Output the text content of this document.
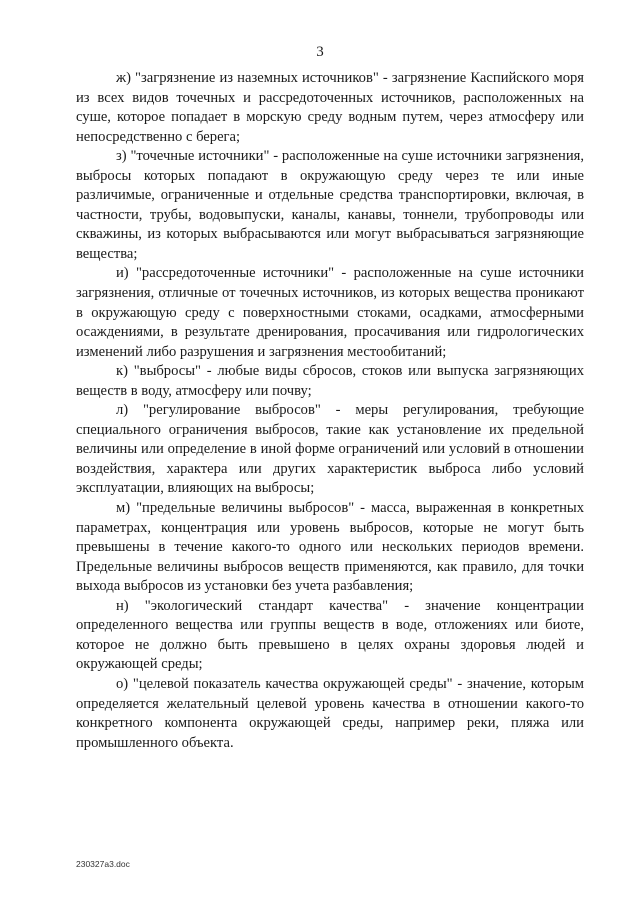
3

ж) "загрязнение из наземных источников" - загрязнение Каспийского моря из всех видов точечных и рассредоточенных источников, расположенных на суше, которое попадает в морскую среду водным путем, через атмосферу или непосредственно с берега;

з) "точечные источники" - расположенные на суше источники загрязнения, выбросы которых попадают в окружающую среду через те или иные различимые, ограниченные и отдельные средства транспортировки, включая, в частности, трубы, водовыпуски, каналы, канавы, тоннели, трубопроводы или скважины, из которых выбрасываются или могут выбрасываться загрязняющие вещества;

и) "рассредоточенные источники" - расположенные на суше источники загрязнения, отличные от точечных источников, из которых вещества проникают в окружающую среду с поверхностными стоками, осадками, атмосферными осаждениями, в результате дренирования, просачивания или гидрологических изменений либо разрушения и загрязнения местообитаний;

к) "выбросы" - любые виды сбросов, стоков или выпуска загрязняющих веществ в воду, атмосферу или почву;

л) "регулирование выбросов" - меры регулирования, требующие специального ограничения выбросов, такие как установление их предельной величины или определение в иной форме ограничений или условий в отношении воздействия, характера или других характеристик выброса либо условий эксплуатации, влияющих на выбросы;

м) "предельные величины выбросов" - масса, выраженная в конкретных параметрах, концентрация или уровень выбросов, которые не могут быть превышены в течение какого-то одного или нескольких периодов времени. Предельные величины выбросов веществ применяются, как правило, для точки выхода выбросов из установки без учета разбавления;

н) "экологический стандарт качества" - значение концентрации определенного вещества или группы веществ в воде, отложениях или биоте, которое не должно быть превышено в целях охраны здоровья людей и окружающей среды;

о) "целевой показатель качества окружающей среды" - значение, которым определяется желательный целевой уровень качества в отношении какого-то конкретного компонента окружающей среды, например реки, пляжа или промышленного объекта.

230327a3.doc
